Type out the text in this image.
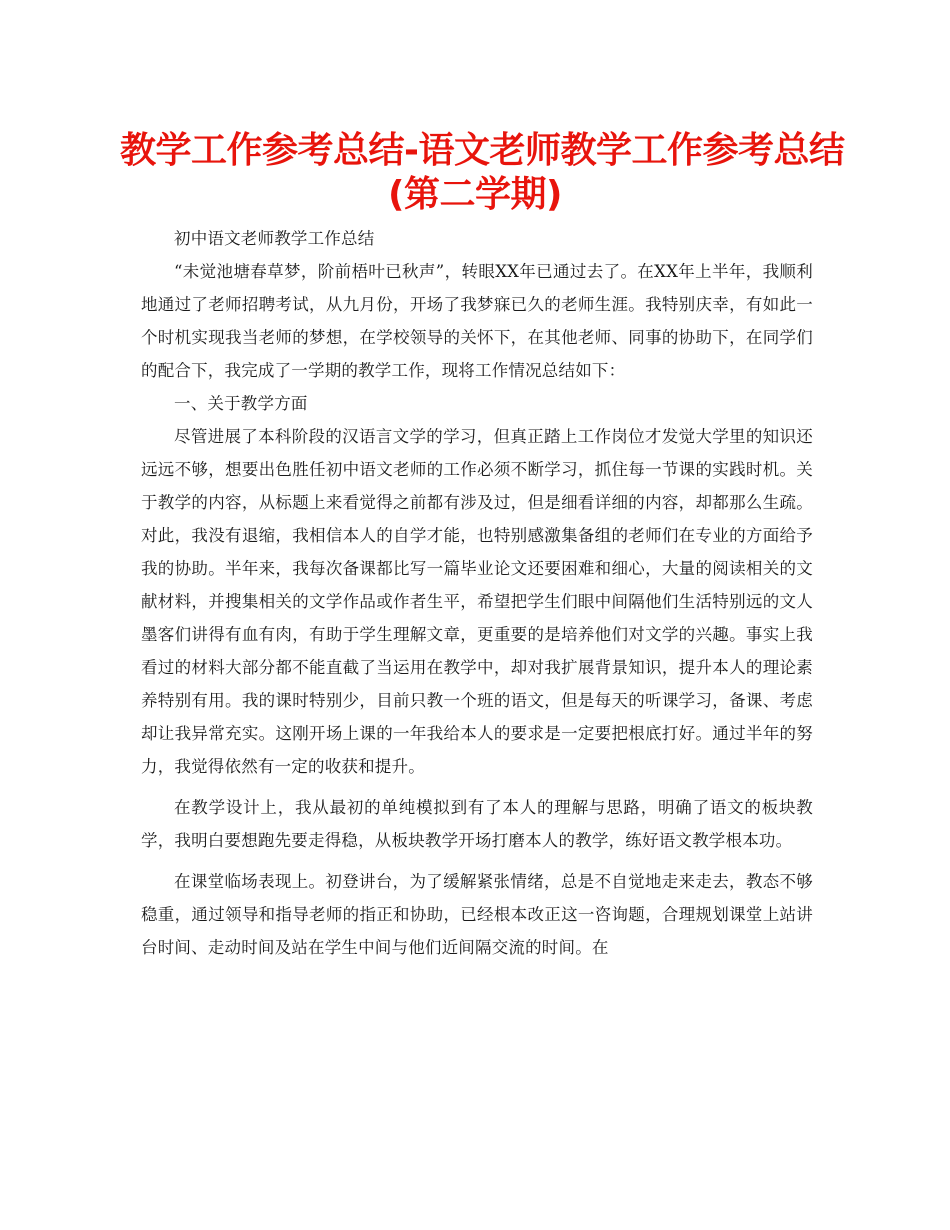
教学工作参考总结-语文老师教学工作参考总结
(第二学期)

初中语文老师教学工作总结

“未觉池塘春草梦，阶前梧叶已秋声”，转眼XX年已通过去了。在XX年上半年，我顺利地通过了老师招聘考试，从九月份，开场了我梦寐已久的老师生涯。我特别庆幸，有如此一个时机实现我当老师的梦想，在学校领导的关怀下，在其他老师、同事的协助下，在同学们的配合下，我完成了一学期的教学工作，现将工作情况总结如下：

一、关于教学方面

尽管进展了本科阶段的汉语言文学的学习，但真正踏上工作岗位才发觉大学里的知识还远远不够，想要出色胜任初中语文老师的工作必须不断学习，抓住每一节课的实践时机。关于教学的内容，从标题上来看觉得之前都有涉及过，但是细看详细的内容，却都那么生疏。对此，我没有退缩，我相信本人的自学才能，也特别感激集备组的老师们在专业的方面给予我的协助。半年来，我每次备课都比写一篇毕业论文还要困难和细心，大量的阅读相关的文献材料，并搜集相关的文学作品或作者生平，希望把学生们眼中间隔他们生活特别远的文人墨客们讲得有血有肉，有助于学生理解文章，更重要的是培养他们对文学的兴趣。事实上我看过的材料大部分都不能直截了当运用在教学中，却对我扩展背景知识，提升本人的理论素养特别有用。我的课时特别少，目前只教一个班的语文，但是每天的听课学习，备课、考虑却让我异常充实。这刚开场上课的一年我给本人的要求是一定要把根底打好。通过半年的努力，我觉得依然有一定的收获和提升。

在教学设计上，我从最初的单纯模拟到有了本人的理解与思路，明确了语文的板块教学，我明白要想跑先要走得稳，从板块教学开场打磨本人的教学，练好语文教学根本功。

在课堂临场表现上。初登讲台，为了缓解紧张情绪，总是不自觉地走来走去，教态不够稳重，通过领导和指导老师的指正和协助，已经根本改正这一咨询题，合理规划课堂上站讲台时间、走动时间及站在学生中间与他们近间隔交流的时间。在
